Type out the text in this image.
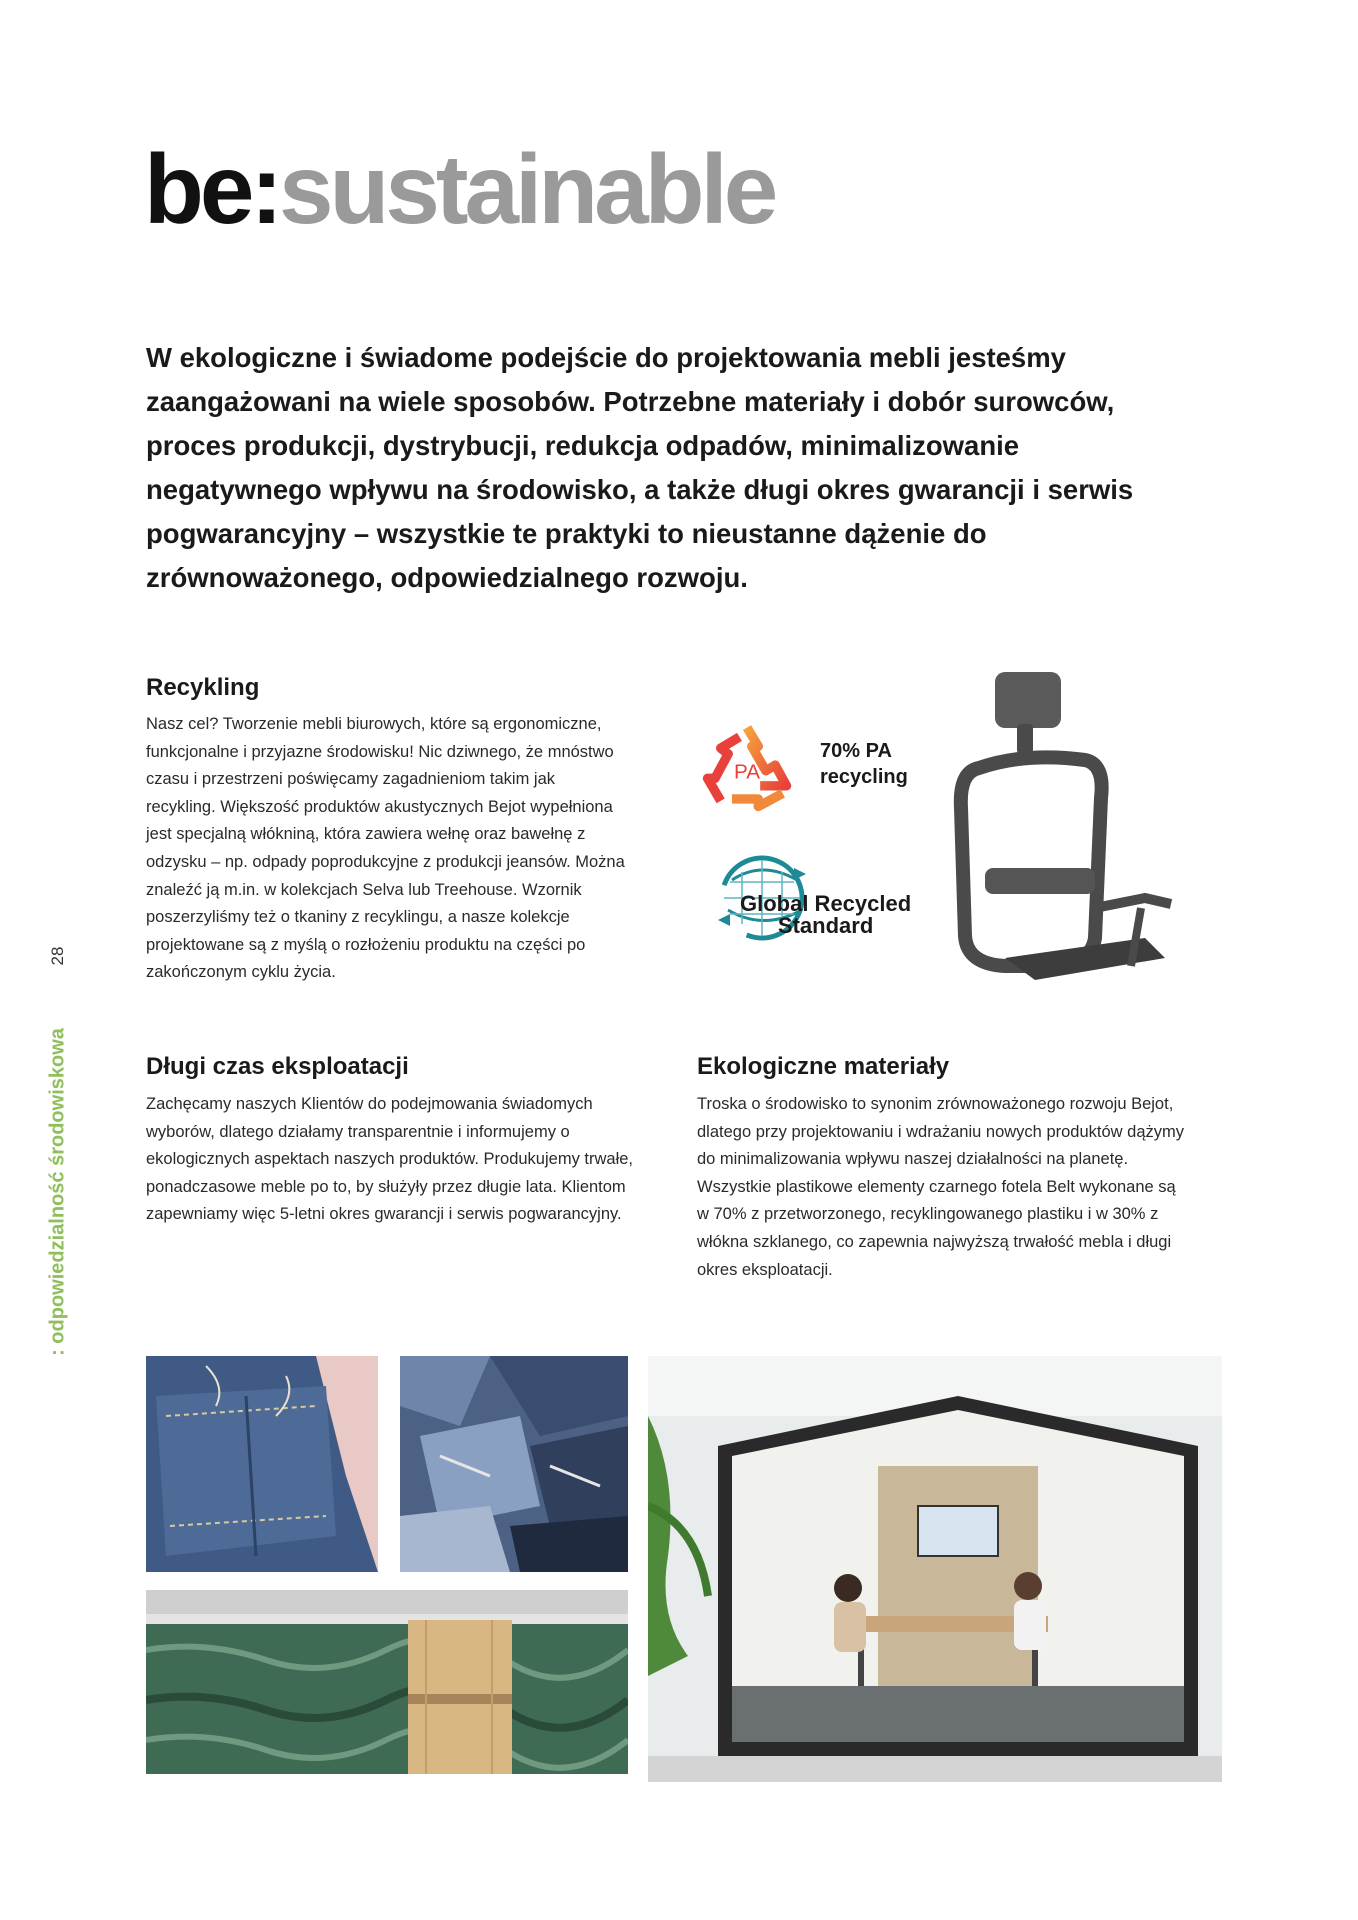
be:sustainable

W ekologiczne i świadome podejście do projektowania mebli jesteśmy zaangażowani na wiele sposobów. Potrzebne materiały i dobór surowców, proces produkcji, dystrybucji, redukcja odpadów, minimalizowanie negatywnego wpływu na środowisko, a także długi okres gwarancji i serwis pogwarancyjny – wszystkie te praktyki to nieustanne dążenie do zrównoważonego, odpowiedzialnego rozwoju.

Recykling

Nasz cel? Tworzenie mebli biurowych, które są ergonomiczne, funkcjonalne i przyjazne środowisku! Nic dziwnego, że mnóstwo czasu i przestrzeni poświęcamy zagadnieniom takim jak recykling. Większość produktów akustycznych Bejot wypełniona jest specjalną włókniną, która zawiera wełnę oraz bawełnę z odzysku – np. odpady poprodukcyjne z produkcji jeansów. Można znaleźć ją m.in. w kolekcjach Selva lub Treehouse. Wzornik poszerzyliśmy też o tkaniny z recyklingu, a nasze kolekcje projektowane są z myślą o rozłożeniu produktu na części po zakończonym cyklu życia.

Długi czas eksploatacji

Zachęcamy naszych Klientów do podejmowania świadomych wyborów, dlatego działamy transparentnie i informujemy o ekologicznych aspektach naszych produktów. Produkujemy trwałe, ponadczasowe meble po to, by służyły przez długie lata. Klientom zapewniamy więc 5-letni okres gwarancji i serwis pogwarancyjny.

Ekologiczne materiały

Troska o środowisko to synonim zrównoważonego rozwoju Bejot, dlatego przy projektowaniu i wdrażaniu nowych produktów dążymy do minimalizowania wpływu naszej działalności na planetę. Wszystkie plastikowe elementy czarnego fotela Belt wykonane są w 70% z przetworzonego, recyklingowanego plastiku i w 30% z włókna szklanego, co zapewnia najwyższą trwałość mebla i długi okres eksploatacji.

28
: odpowiedzialność środowiskowa
PA

70% PA
recycling

Global Recycled
Standard
